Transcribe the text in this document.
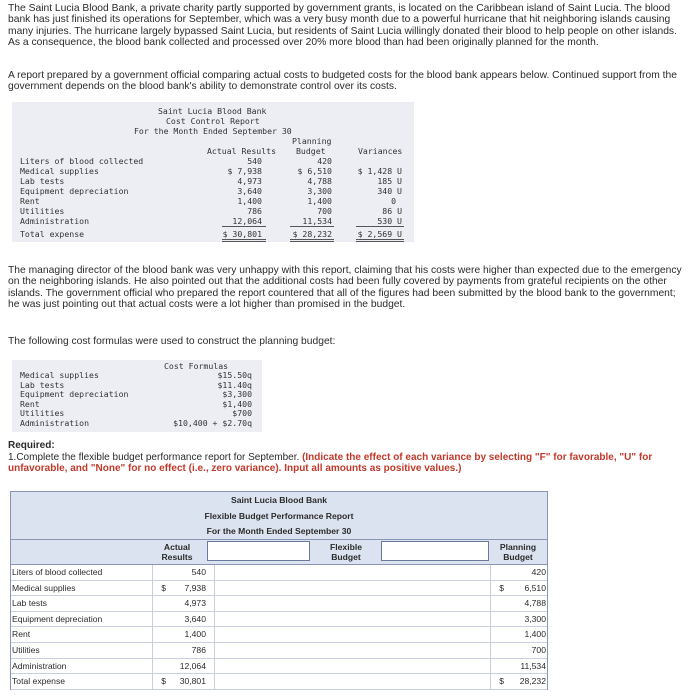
The Saint Lucia Blood Bank, a private charity partly supported by government grants, is located on the Caribbean island of Saint Lucia. The blood bank has just finished its operations for September, which was a very busy month due to a powerful hurricane that hit neighboring islands causing many injuries. The hurricane largely bypassed Saint Lucia, but residents of Saint Lucia willingly donated their blood to help people on other islands. As a consequence, the blood bank collected and processed over 20% more blood than had been originally planned for the month.
A report prepared by a government official comparing actual costs to budgeted costs for the blood bank appears below. Continued support from the government depends on the blood bank's ability to demonstrate control over its costs.
Saint Lucia Blood Bank
Cost Control Report
For the Month Ended September 30
Planning
Actual Results Budget	Variances
Liters of blood collected	540	420
Medical supplies	$ 7,938	$ 6,510	$ 1,428 U
Lab tests	4,973	4,788	185 U
Equipment depreciation	3,640	3,300	340 U
Rent	1,400	1,400	0
Utilities	786	700	86 U
Administration	12,064	11,534	530 U
Total expense	$ 30,801	$ 28,232	$ 2,569 U
The managing director of the blood bank was very unhappy with this report, claiming that his costs were higher than expected due to the emergency on the neighboring islands. He also pointed out that the additional costs had been fully covered by payments from grateful recipients on the other islands. The government official who prepared the report countered that all of the figures had been submitted by the blood bank to the government; he was just pointing out that actual costs were a lot higher than promised in the budget.
The following cost formulas were used to construct the planning budget:
Cost Formulas
Medical supplies	$15.50q
Lab tests	$11.40q
Equipment depreciation	$3,300
Rent	$1,400
Utilities	$700
Administration	$10,400 + $2.70q
Required:
1.Complete the flexible budget performance report for September. (Indicate the effect of each variance by selecting "F" for favorable, "U" for unfavorable, and "None" for no effect (i.e., zero variance). Input all amounts as positive values.)
Saint Lucia Blood Bank
Flexible Budget Performance Report
For the Month Ended September 30
Actual
Results
Flexible
Budget
Planning
Budget
Liters of blood collected	540	420
Medical supplies	$	7,938	$	6,510
Lab tests	4,973	4,788
Equipment depreciation	3,640	3,300
Rent	1,400	1,400
Utilities	786	700
Administration	12,064	11,534
Total expense	$	30,801	$	28,232
